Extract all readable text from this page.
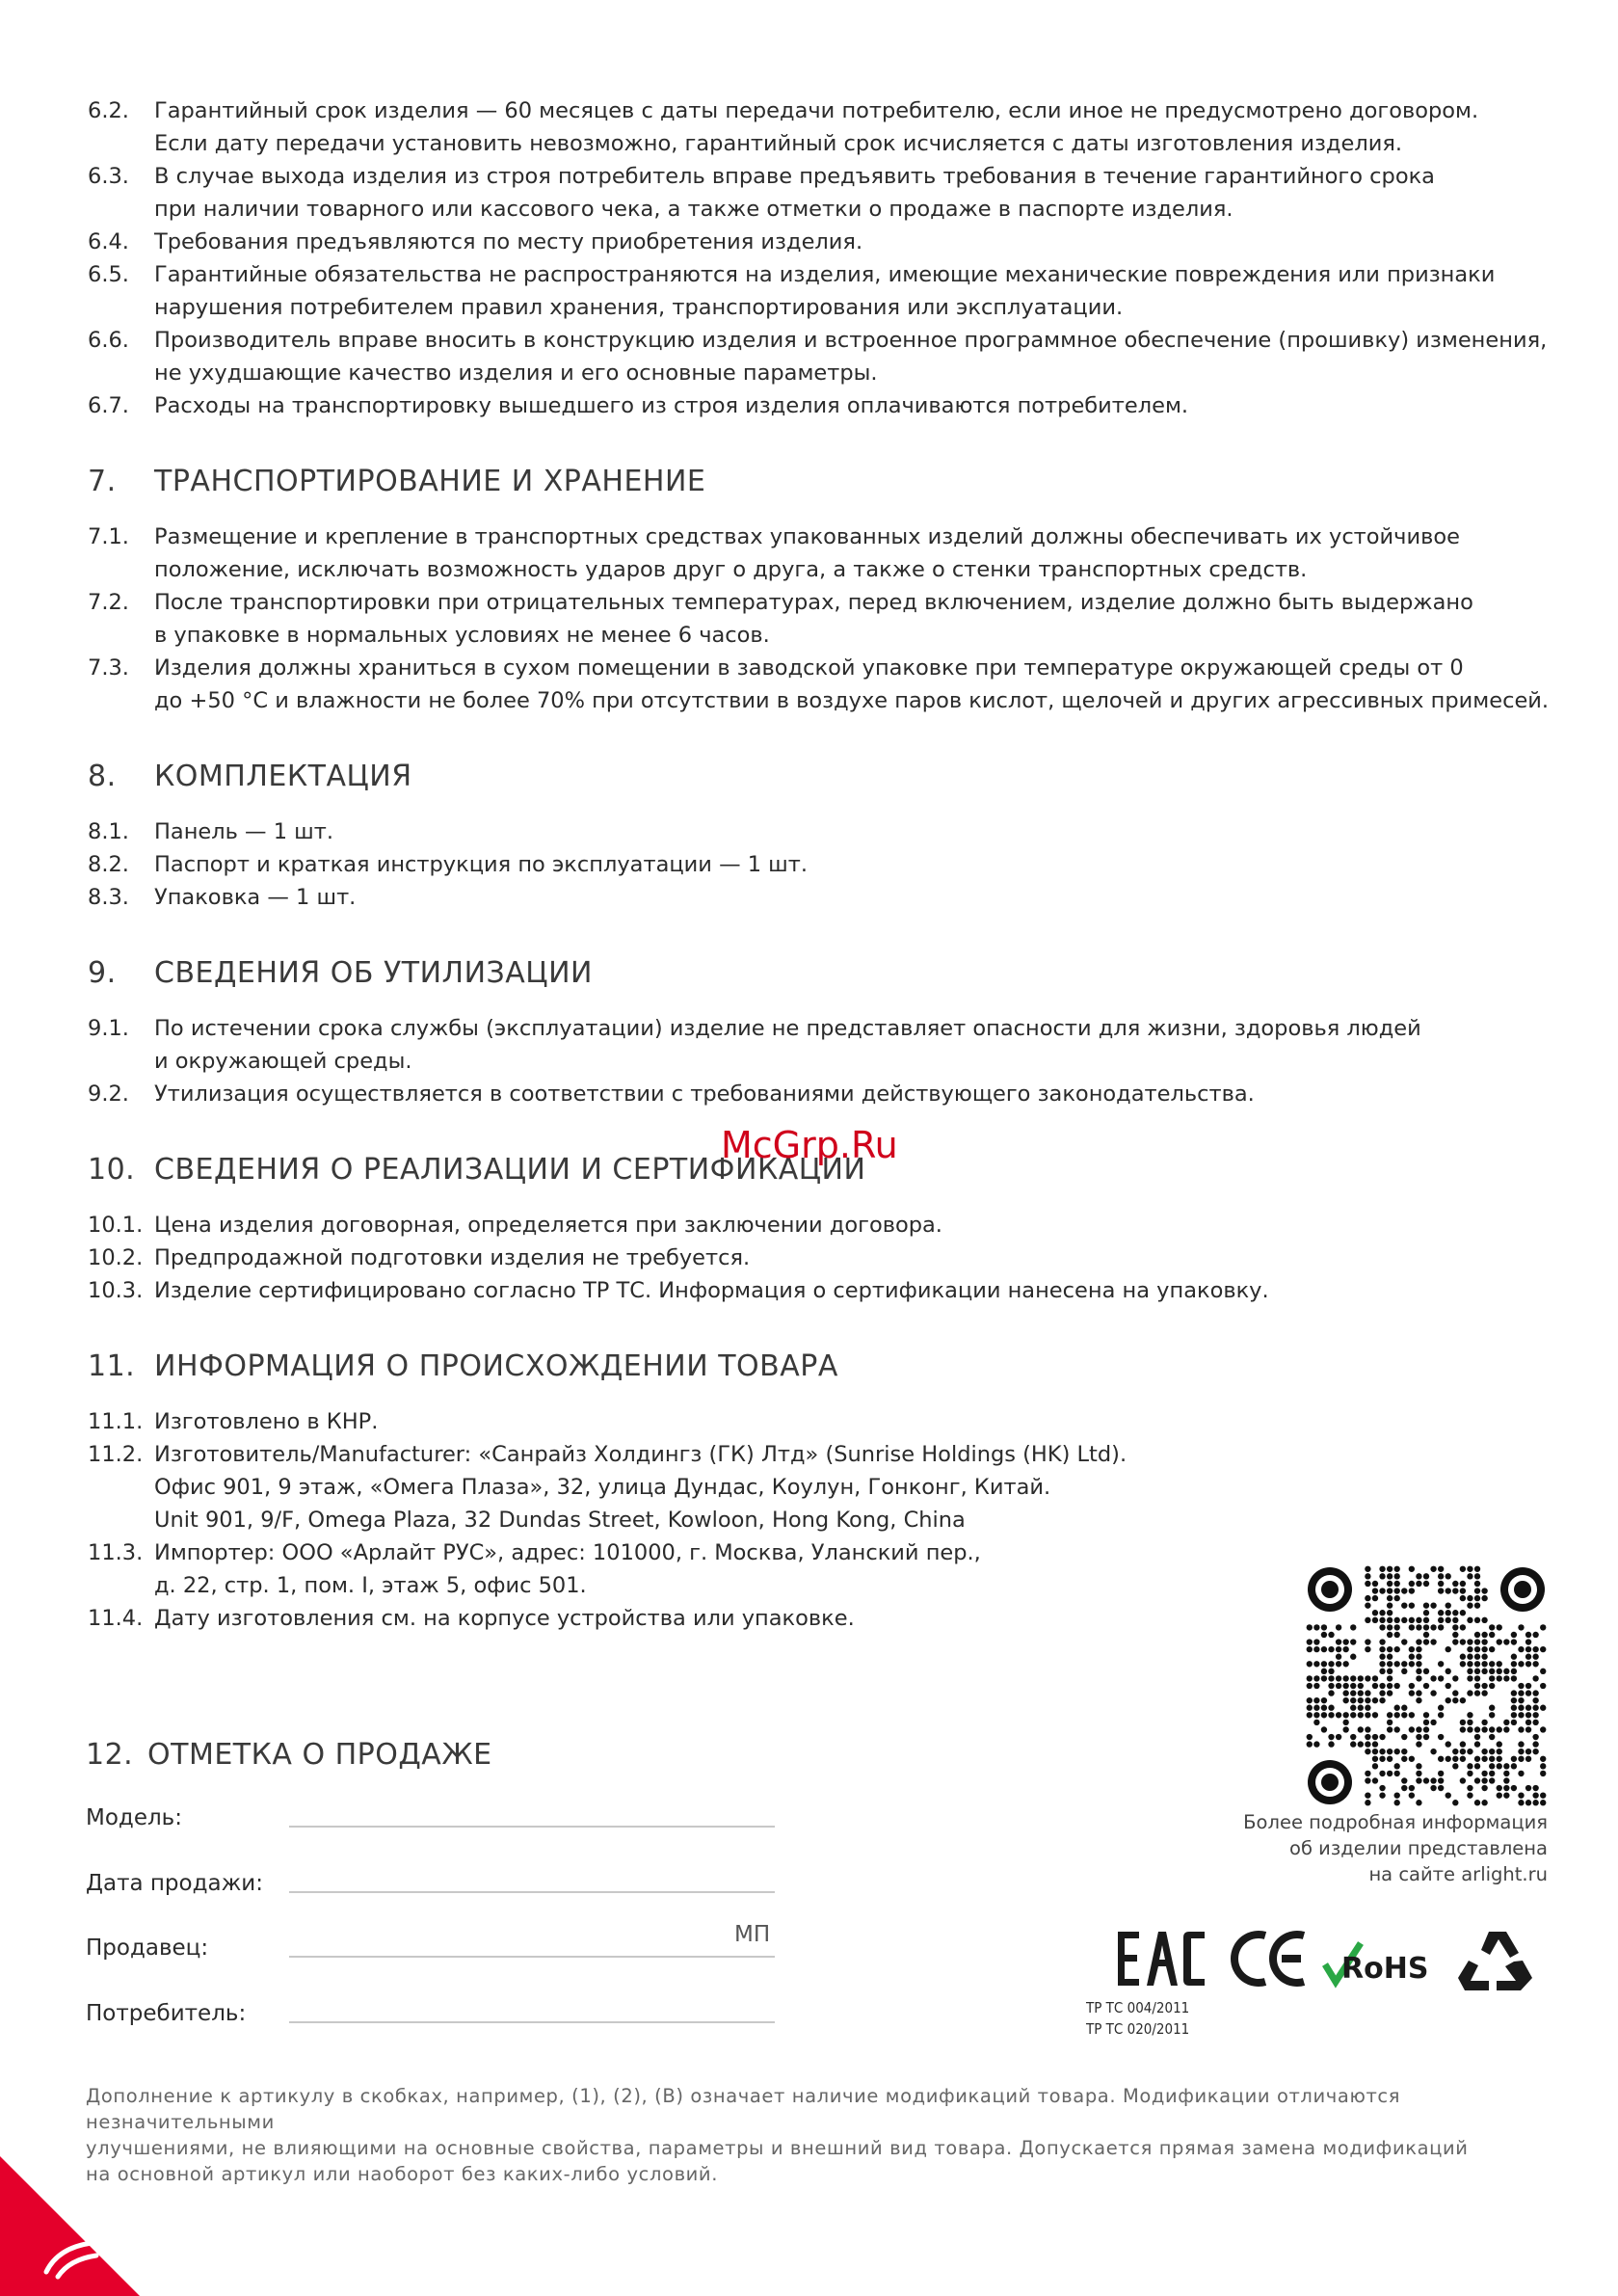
6.2. Гарантийный срок изделия — 60 месяцев с даты передачи потребителю, если иное не предусмотрено договором.
Если дату передачи установить невозможно, гарантийный срок исчисляется с даты изготовления изделия.
6.3. В случае выхода изделия из строя потребитель вправе предъявить требования в течение гарантийного срока
при наличии товарного или кассового чека, а также отметки о продаже в паспорте изделия.
6.4. Требования предъявляются по месту приобретения изделия.
6.5. Гарантийные обязательства не распространяются на изделия, имеющие механические повреждения или признаки
нарушения потребителем правил хранения, транспортирования или эксплуатации.
6.6. Производитель вправе вносить в конструкцию изделия и встроенное программное обеспечение (прошивку) изменения,
не ухудшающие качество изделия и его основные параметры.
6.7. Расходы на транспортировку вышедшего из строя изделия оплачиваются потребителем.
7. ТРАНСПОРТИРОВАНИЕ И ХРАНЕНИЕ
7.1. Размещение и крепление в транспортных средствах упакованных изделий должны обеспечивать их устойчивое
положение, исключать возможность ударов друг о друга, а также о стенки транспортных средств.
7.2. После транспортировки при отрицательных температурах, перед включением, изделие должно быть выдержано
в упаковке в нормальных условиях не менее 6 часов.
7.3. Изделия должны храниться в сухом помещении в заводской упаковке при температуре окружающей среды от 0
до +50 °C и влажности не более 70% при отсутствии в воздухе паров кислот, щелочей и других агрессивных примесей.
8. КОМПЛЕКТАЦИЯ
8.1. Панель — 1 шт.
8.2. Паспорт и краткая инструкция по эксплуатации — 1 шт.
8.3. Упаковка — 1 шт.
9. СВЕДЕНИЯ ОБ УТИЛИЗАЦИИ
9.1. По истечении срока службы (эксплуатации) изделие не представляет опасности для жизни, здоровья людей
и окружающей среды.
9.2. Утилизация осуществляется в соответствии с требованиями действующего законодательства.
10. СВЕДЕНИЯ О РЕАЛИЗАЦИИ И СЕРТИФИКАЦИИ
10.1. Цена изделия договорная, определяется при заключении договора.
10.2. Предпродажной подготовки изделия не требуется.
10.3. Изделие сертифицировано согласно ТР ТС. Информация о сертификации нанесена на упаковку.
McGrp.Ru
11. ИНФОРМАЦИЯ О ПРОИСХОЖДЕНИИ ТОВАРА
11.1. Изготовлено в КНР.
11.2. Изготовитель/Manufacturer: «Санрайз Холдингз (ГК) Лтд» (Sunrise Holdings (HK) Ltd).
Офис 901, 9 этаж, «Омега Плаза», 32, улица Дундас, Коулун, Гонконг, Китай.
Unit 901, 9/F, Omega Plaza, 32 Dundas Street, Kowloon, Hong Kong, China
11.3. Импортер: ООО «Арлайт РУС», адрес: 101000, г. Москва, Уланский пер.,
д. 22, стр. 1, пом. I, этаж 5, офис 501.
11.4. Дату изготовления см. на корпусе устройства или упаковке.
Более подробная информация
об изделии представлена
на сайте arlight.ru
12. ОТМЕТКА О ПРОДАЖЕ
Модель:
Дата продажи:
Продавец:
Потребитель:
МП
RoHS
ТР ТС 004/2011
ТР ТС 020/2011
Дополнение к артикулу в скобках, например, (1), (2), (B) означает наличие модификаций товара. Модификации отличаются незначительными
улучшениями, не влияющими на основные свойства, параметры и внешний вид товара. Допускается прямая замена модификаций
на основной артикул или наоборот без каких-либо условий.
